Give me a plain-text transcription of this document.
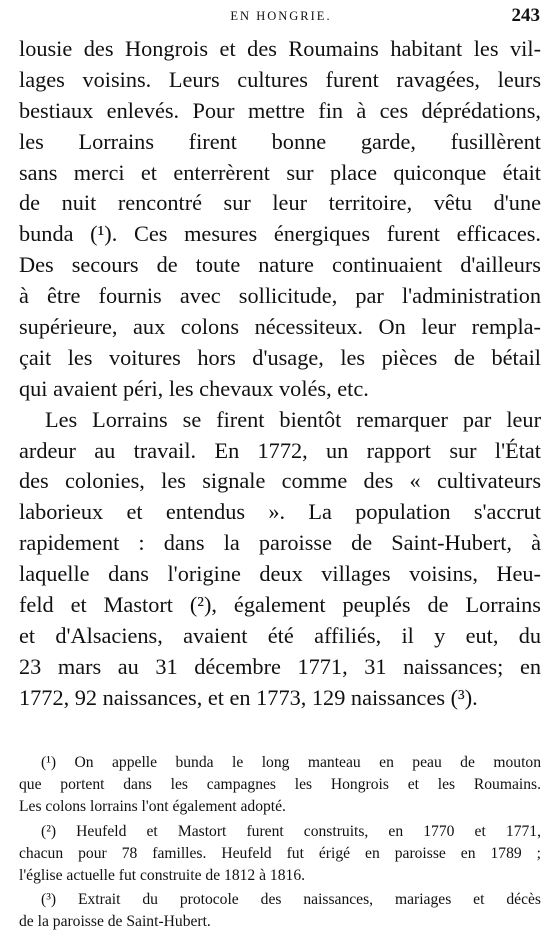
EN HONGRIE.	243
lousie des Hongrois et des Roumains habitant les vil-
lages voisins. Leurs cultures furent ravagées, leurs
bestiaux enlevés. Pour mettre fin à ces déprédations,
les Lorrains firent bonne garde, fusillèrent
sans merci et enterrèrent sur place quiconque était
de nuit rencontré sur leur territoire, vêtu d'une
bunda (¹). Ces mesures énergiques furent efficaces.
Des secours de toute nature continuaient d'ailleurs
à être fournis avec sollicitude, par l'administration
supérieure, aux colons nécessiteux. On leur rempla-
çait les voitures hors d'usage, les pièces de bétail
qui avaient péri, les chevaux volés, etc.
Les Lorrains se firent bientôt remarquer par leur
ardeur au travail. En 1772, un rapport sur l'État
des colonies, les signale comme des « cultivateurs
laborieux et entendus ». La population s'accrut
rapidement : dans la paroisse de Saint-Hubert, à
laquelle dans l'origine deux villages voisins, Heu-
feld et Mastort (²), également peuplés de Lorrains
et d'Alsaciens, avaient été affiliés, il y eut, du
23 mars au 31 décembre 1771, 31 naissances; en
1772, 92 naissances, et en 1773, 129 naissances (³).
(¹) On appelle bunda le long manteau en peau de mouton
que portent dans les campagnes les Hongrois et les Roumains.
Les colons lorrains l'ont également adopté.
(²) Heufeld et Mastort furent construits, en 1770 et 1771,
chacun pour 78 familles. Heufeld fut érigé en paroisse en 1789 ;
l'église actuelle fut construite de 1812 à 1816.
(³) Extrait du protocole des naissances, mariages et décès
de la paroisse de Saint-Hubert.
